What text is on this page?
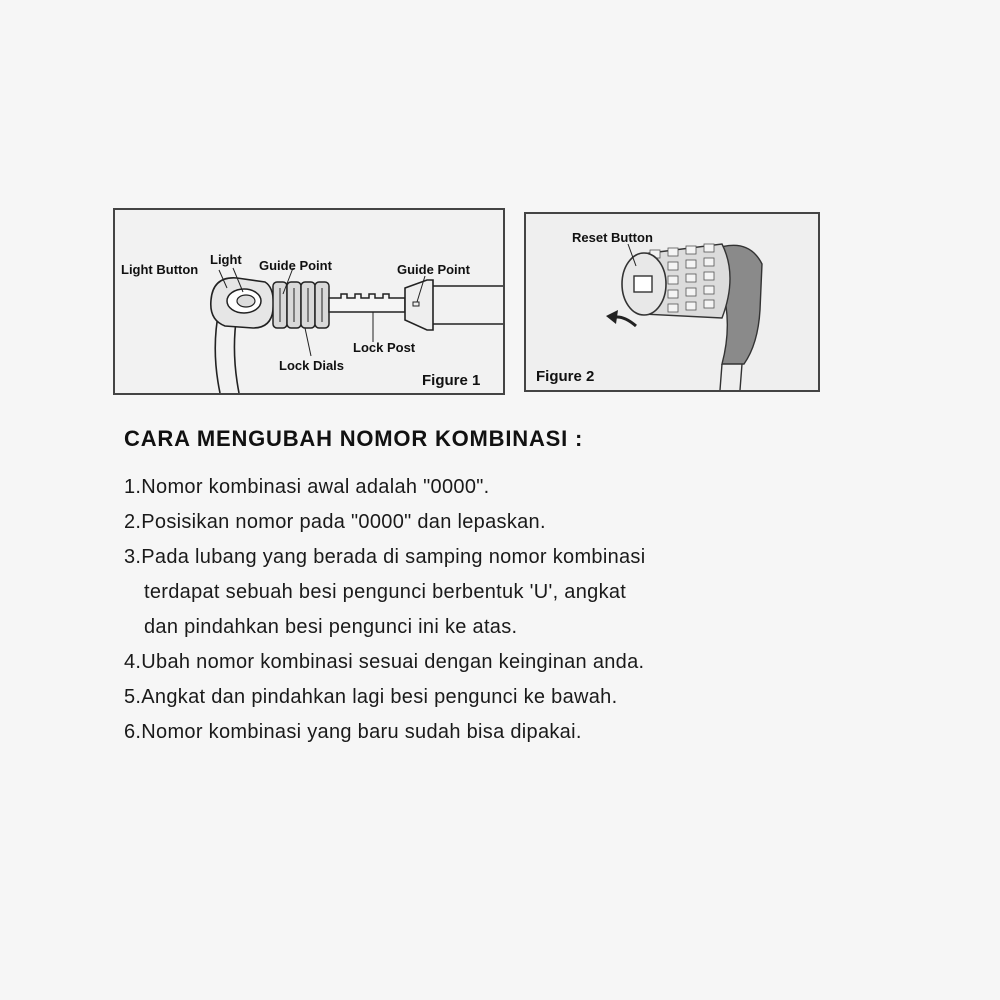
Light Button
Light Guide Point	Guide Point
Lock Post
Lock Dials
Figure 1
Reset Button
Figure 2
CARA MENGUBAH NOMOR KOMBINASI :
1.Nomor kombinasi awal adalah "0000".
2.Posisikan nomor pada "0000" dan lepaskan.
3.Pada lubang yang berada di samping nomor kombinasi
terdapat sebuah besi pengunci berbentuk 'U', angkat
dan pindahkan besi pengunci ini ke atas.
4.Ubah nomor kombinasi sesuai dengan keinginan anda.
5.Angkat dan pindahkan lagi besi pengunci ke bawah.
6.Nomor kombinasi yang baru sudah bisa dipakai.
